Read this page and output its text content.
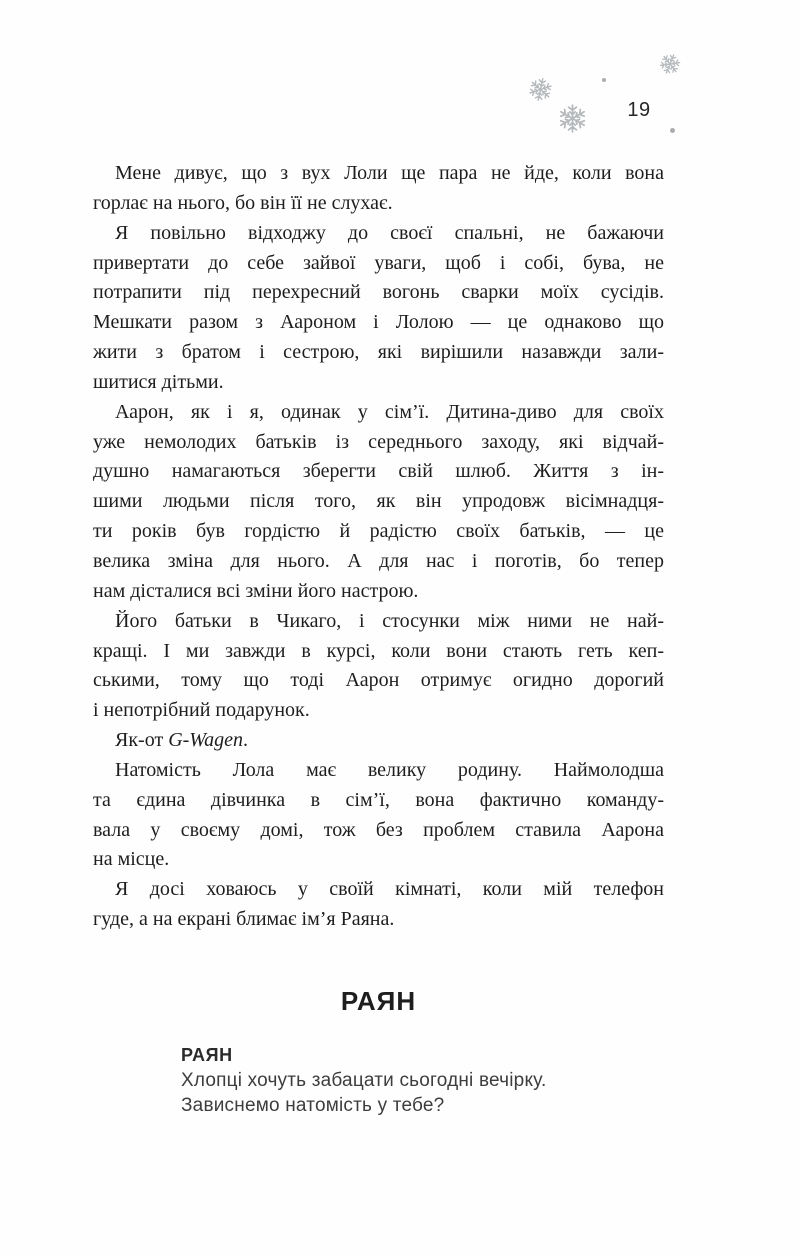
19
Мене дивує, що з вух Лоли ще пара не йде, коли вона
горлає на нього, бо він її не слухає.
Я повільно відходжу до своєї спальні, не бажаючи
привертати до себе зайвої уваги, щоб і собі, бува, не
потрапити під перехресний вогонь сварки моїх сусідів.
Мешкати разом з Аароном і Лолою — це однаково що
жити з братом і сестрою, які вирішили назавжди зали-
шитися дітьми.
Аарон, як і я, одинак у сім’ї. Дитина-диво для своїх
уже немолодих батьків із середнього заходу, які відчай-
душно намагаються зберегти свій шлюб. Життя з ін-
шими людьми після того, як він упродовж вісімнадця-
ти років був гордістю й радістю своїх батьків, — це
велика зміна для нього. А для нас і поготів, бо тепер
нам дісталися всі зміни його настрою.
Його батьки в Чикаго, і стосунки між ними не най-
кращі. І ми завжди в курсі, коли вони стають геть кеп-
ськими, тому що тоді Аарон отримує огидно дорогий
і непотрібний подарунок.
Як-от G-Wagen.
Натомість Лола має велику родину. Наймолодша
та єдина дівчинка в сім’ї, вона фактично команду-
вала у своєму домі, тож без проблем ставила Аарона
на місце.
Я досі ховаюсь у своїй кімнаті, коли мій телефон
гуде, а на екрані блимає ім’я Раяна.
РАЯН
РАЯН
Хлопці хочуть забацати сьогодні вечірку.
Зависнемо натомість у тебе?
